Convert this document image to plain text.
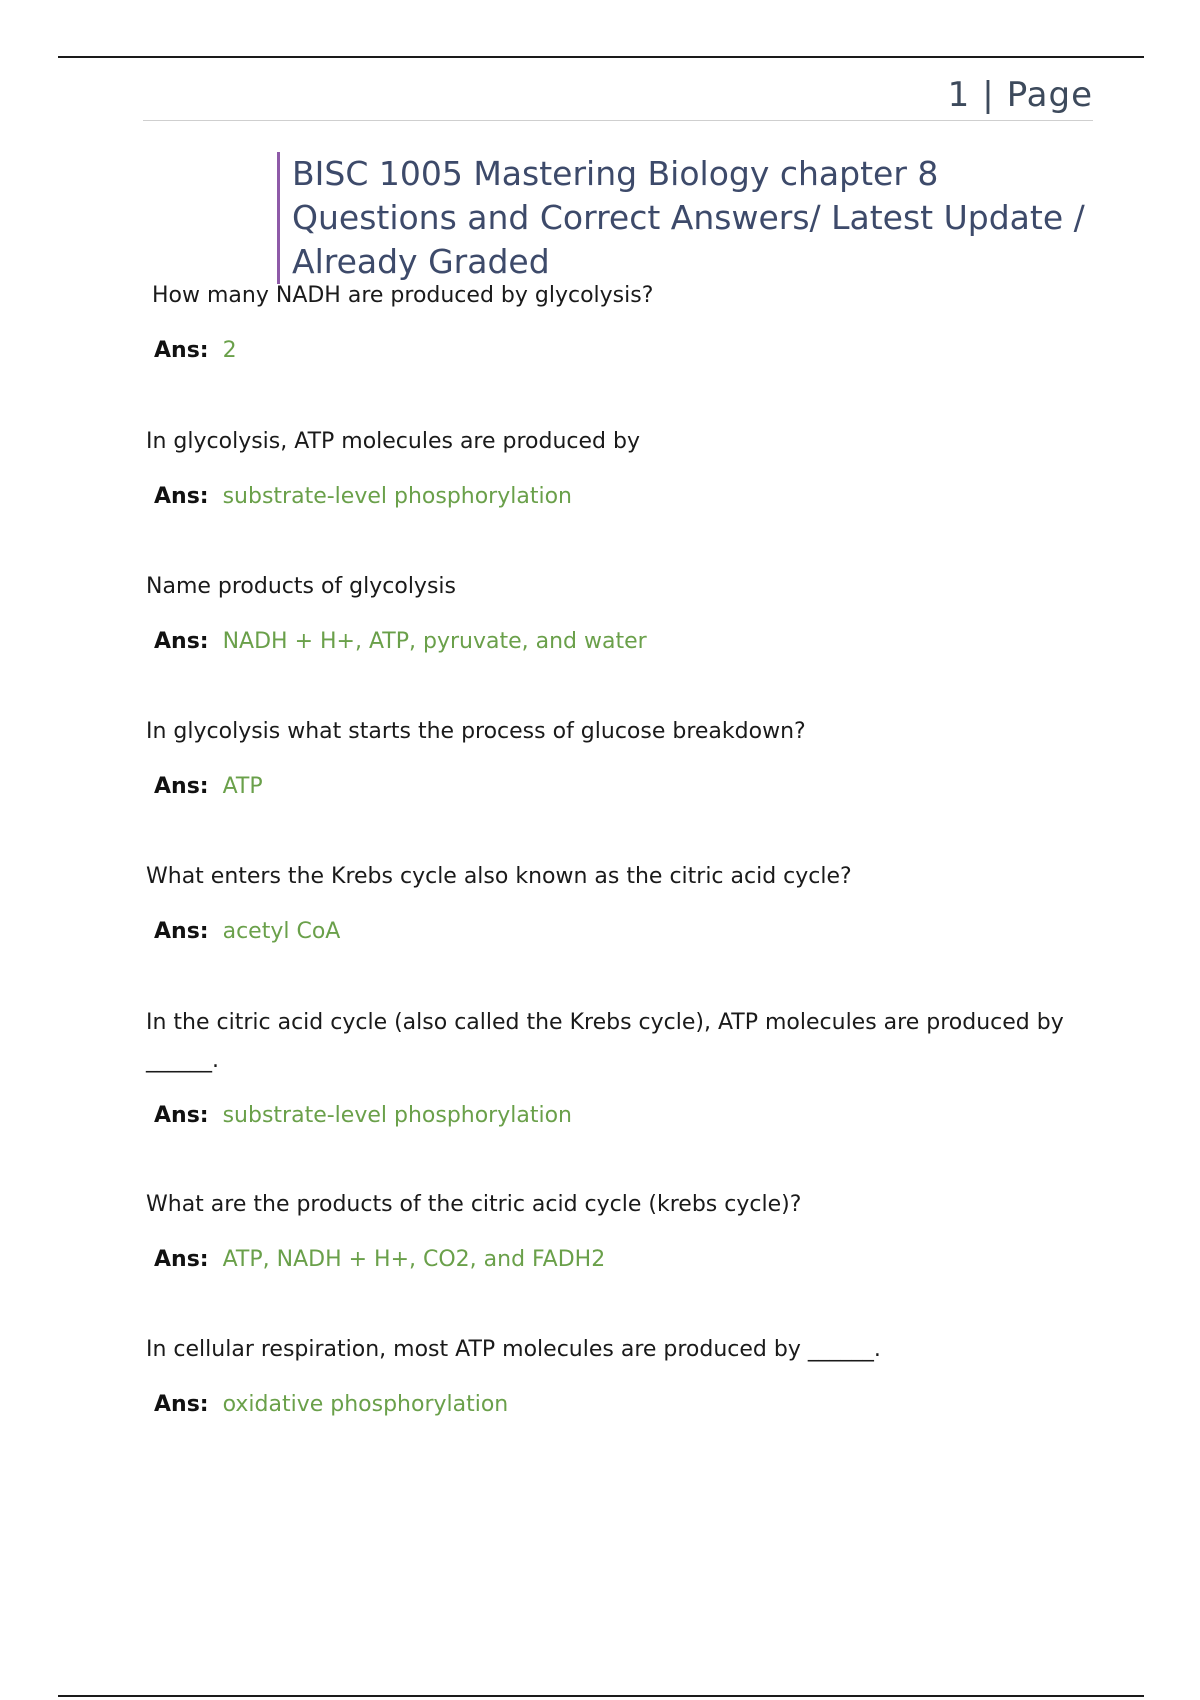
1 | Page
BISC 1005 Mastering Biology chapter 8
Questions and Correct Answers/ Latest Update /
Already Graded
How many NADH are produced by glycolysis?
Ans: 2
In glycolysis, ATP molecules are produced by
Ans: substrate-level phosphorylation
Name products of glycolysis
Ans: NADH + H+, ATP, pyruvate, and water
In glycolysis what starts the process of glucose breakdown?
Ans: ATP
What enters the Krebs cycle also known as the citric acid cycle?
Ans: acetyl CoA
In the citric acid cycle (also called the Krebs cycle), ATP molecules are produced by
______.
Ans: substrate-level phosphorylation
What are the products of the citric acid cycle (krebs cycle)?
Ans: ATP, NADH + H+, CO2, and FADH2
In cellular respiration, most ATP molecules are produced by ______.
Ans: oxidative phosphorylation
